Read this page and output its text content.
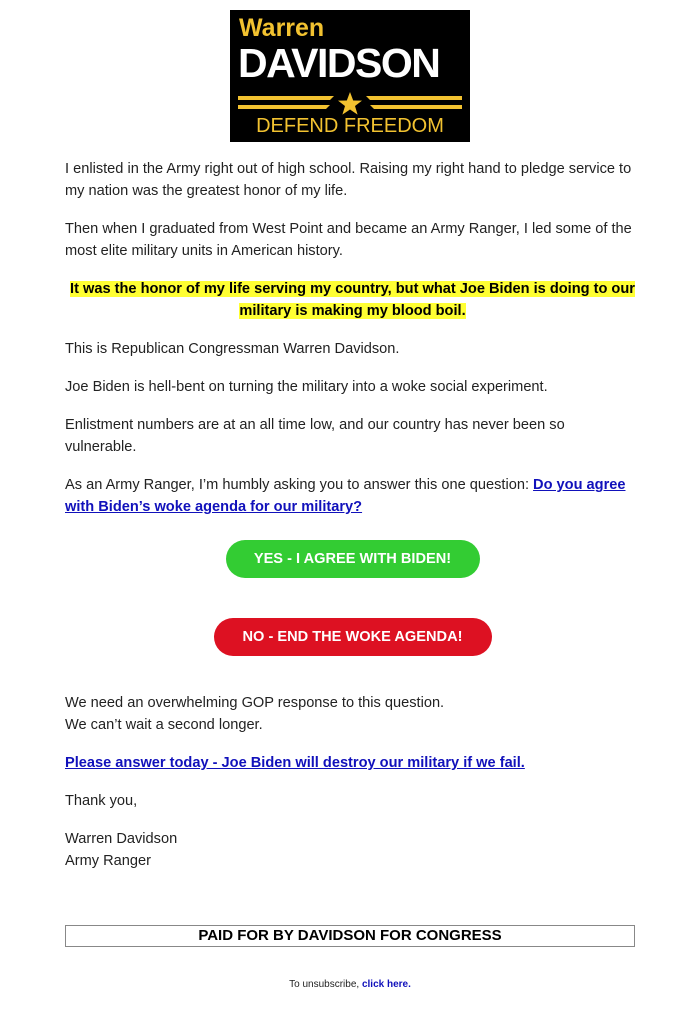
Warren
DAVIDSON
DEFEND FREEDOM

I enlisted in the Army right out of high school. Raising my right hand to pledge service to my nation was the greatest honor of my life.

Then when I graduated from West Point and became an Army Ranger, I led some of the most elite military units in American history.

It was the honor of my life serving my country, but what Joe Biden is doing to our military is making my blood boil.

This is Republican Congressman Warren Davidson.

Joe Biden is hell-bent on turning the military into a woke social experiment.

Enlistment numbers are at an all time low, and our country has never been so vulnerable.

As an Army Ranger, I’m humbly asking you to answer this one question: Do you agree with Biden’s woke agenda for our military?

YES - I AGREE WITH BIDEN!
NO - END THE WOKE AGENDA!

We need an overwhelming GOP response to this question.
We can’t wait a second longer.

Please answer today - Joe Biden will destroy our military if we fail.

Thank you,

Warren Davidson
Army Ranger

PAID FOR BY DAVIDSON FOR CONGRESS
To unsubscribe, click here.
